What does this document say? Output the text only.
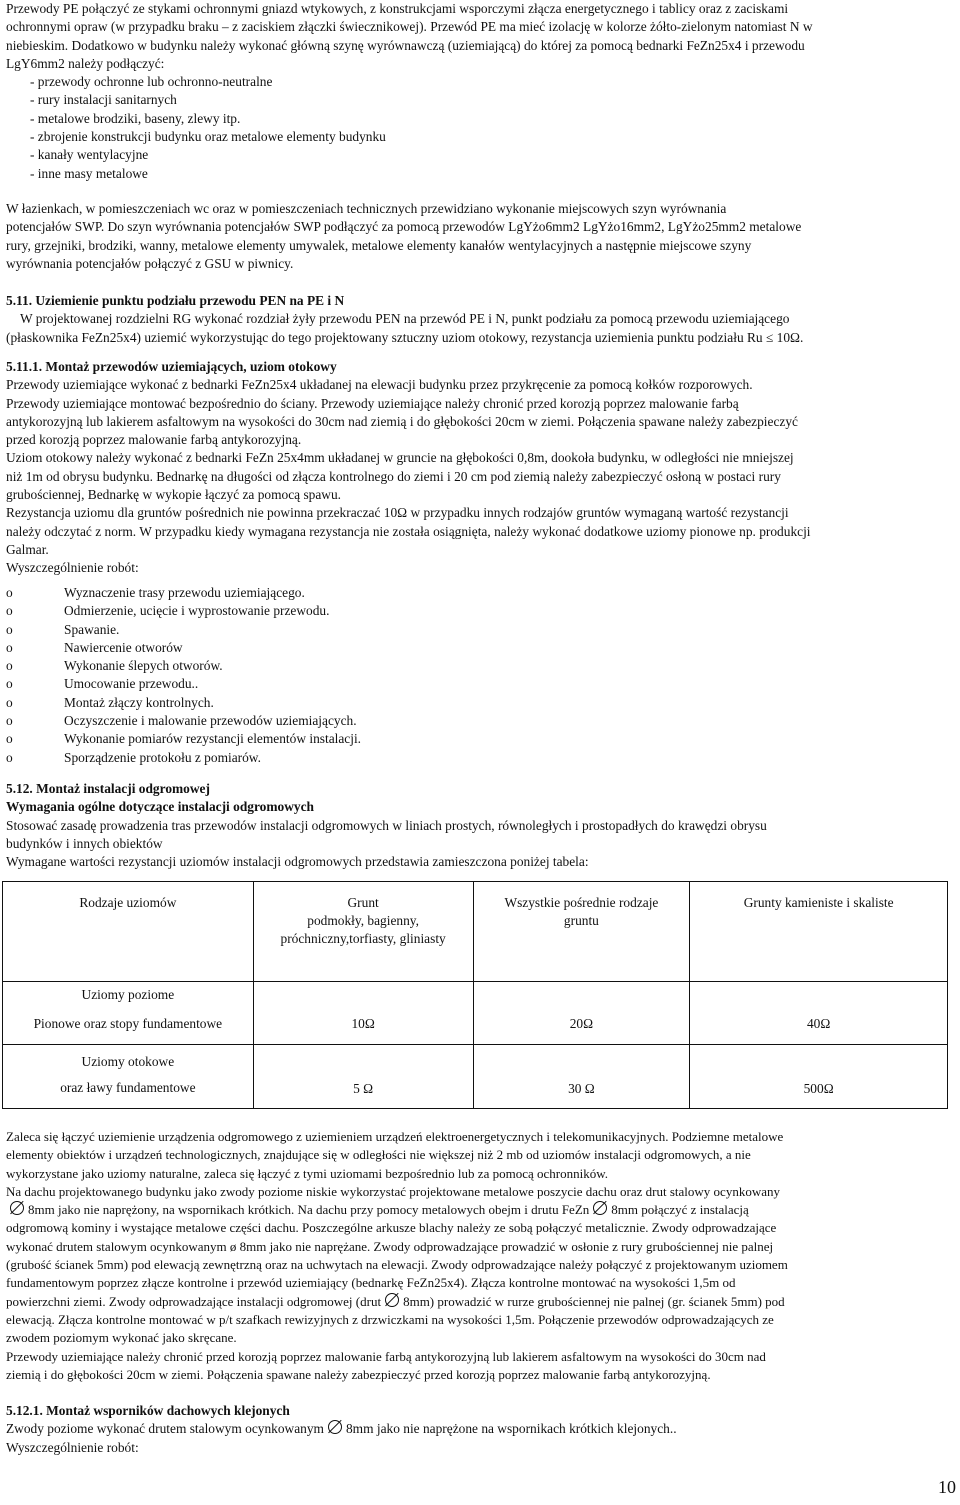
Przewody PE połączyć ze stykami ochronnymi gniazd wtykowych, z konstrukcjami wsporczymi złącza energetycznego i tablicy oraz z zaciskami
ochronnymi opraw (w przypadku braku – z zaciskiem złączki świecznikowej). Przewód PE ma mieć izolację w kolorze żółto-zielonym natomiast N w
niebieskim. Dodatkowo w budynku należy wykonać główną szynę wyrównawczą (uziemiającą) do której za pomocą bednarki FeZn25x4 i przewodu
LgY6mm2 należy podłączyć:
- przewody ochronne lub ochronno-neutralne
- rury instalacji sanitarnych
- metalowe brodziki, baseny, zlewy itp.
- zbrojenie konstrukcji budynku oraz metalowe elementy budynku
- kanały wentylacyjne
- inne masy metalowe
W łazienkach, w pomieszczeniach wc oraz w pomieszczeniach technicznych przewidziano wykonanie miejscowych szyn wyrównania
potencjałów SWP. Do szyn wyrównania potencjałów SWP podłączyć za pomocą przewodów LgYżo6mm2 LgYżo16mm2, LgYżo25mm2 metalowe
rury, grzejniki, brodziki, wanny, metalowe elementy umywalek, metalowe elementy kanałów wentylacyjnych a następnie miejscowe szyny
wyrównania potencjałów połączyć z GSU w piwnicy.
5.11. Uziemienie punktu podziału przewodu PEN na PE i N
W projektowanej rozdzielni RG wykonać rozdział żyły przewodu PEN na przewód PE i N, punkt podziału za pomocą przewodu uziemiającego
(płaskownika FeZn25x4) uziemić wykorzystując do tego projektowany sztuczny uziom otokowy, rezystancja uziemienia punktu podziału Ru ≤ 10Ω.
5.11.1. Montaż przewodów uziemiających, uziom otokowy
Przewody uziemiające wykonać z bednarki FeZn25x4 układanej na elewacji budynku przez przykręcenie za pomocą kołków rozporowych.
Przewody uziemiające montować bezpośrednio do ściany. Przewody uziemiające należy chronić przed korozją poprzez malowanie farbą
antykorozyjną lub lakierem asfaltowym na wysokości do 30cm nad ziemią i do głębokości 20cm w ziemi. Połączenia spawane należy zabezpieczyć
przed korozją poprzez malowanie farbą antykorozyjną.
Uziom otokowy należy wykonać z bednarki FeZn 25x4mm układanej w gruncie na głębokości 0,8m, dookoła budynku, w odległości nie mniejszej
niż 1m od obrysu budynku. Bednarkę na długości od złącza kontrolnego do ziemi i 20 cm pod ziemią należy zabezpieczyć osłoną w postaci rury
grubościennej, Bednarkę w wykopie łączyć za pomocą spawu.
Rezystancja uziomu dla gruntów pośrednich nie powinna przekraczać 10Ω w przypadku innych rodzajów gruntów wymaganą wartość rezystancji
należy odczytać z norm. W przypadku kiedy wymagana rezystancja nie została osiągnięta, należy wykonać dodatkowe uziomy pionowe np. produkcji
Galmar.
Wyszczególnienie robót:
o	Wyznaczenie trasy przewodu uziemiającego.
o	Odmierzenie, ucięcie i wyprostowanie przewodu.
o	Spawanie.
o	Nawiercenie otworów
o	Wykonanie ślepych otworów.
o	Umocowanie przewodu..
o	Montaż złączy kontrolnych.
o	Oczyszczenie i malowanie przewodów uziemiających.
o	Wykonanie pomiarów rezystancji elementów instalacji.
o	Sporządzenie protokołu z pomiarów.
5.12. Montaż instalacji odgromowej
Wymagania ogólne dotyczące instalacji odgromowych
Stosować zasadę prowadzenia tras przewodów instalacji odgromowych w liniach prostych, równoległych i prostopadłych do krawędzi obrysu
budynków i innych obiektów
Wymagane wartości rezystancji uziomów instalacji odgromowych przedstawia zamieszczona poniżej tabela:
Rodzaje uziomów	Grunt
podmokły, bagienny,
próchniczny,torfiasty, gliniasty	Wszystkie pośrednie rodzaje
gruntu	Grunty kamieniste i skaliste
Uziomy poziome			
Pionowe oraz stopy fundamentowe	10Ω	20Ω	40Ω

Uziomy otokowe
oraz ławy fundamentowe	5 Ω	30 Ω	500Ω
Zaleca się łączyć uziemienie urządzenia odgromowego z uziemieniem urządzeń elektroenergetycznych i telekomunikacyjnych. Podziemne metalowe
elementy obiektów i urządzeń technologicznych, znajdujące się w odległości nie większej niż 2 mb od uziomów instalacji odgromowych, a nie
wykorzystane jako uziomy naturalne, zaleca się łączyć z tymi uziomami bezpośrednio lub za pomocą ochronników.
Na dachu projektowanego budynku jako zwody poziome niskie wykorzystać projektowane metalowe poszycie dachu oraz drut stalowy ocynkowany
8mm jako nie naprężony, na wspornikach krótkich. Na dachu przy pomocy metalowych obejm i drutu FeZn 8mm połączyć z instalacją
odgromową kominy i wystające metalowe części dachu. Poszczególne arkusze blachy należy ze sobą połączyć metalicznie. Zwody odprowadzające
wykonać drutem stalowym ocynkowanym ø 8mm jako nie naprężane. Zwody odprowadzające prowadzić w osłonie z rury grubościennej nie palnej
(grubość ścianek 5mm) pod elewacją zewnętrzną oraz na uchwytach na elewacji. Zwody odprowadzające należy połączyć z projektowanym uziomem
fundamentowym poprzez złącze kontrolne i przewód uziemiający (bednarkę FeZn25x4). Złącza kontrolne montować na wysokości 1,5m od
powierzchni ziemi. Zwody odprowadzające instalacji odgromowej (drut 8mm) prowadzić w rurze grubościennej nie palnej (gr. ścianek 5mm) pod
elewacją. Złącza kontrolne montować w p/t szafkach rewizyjnych z drzwiczkami na wysokości 1,5m. Połączenie przewodów odprowadzających ze
zwodem poziomym wykonać jako skręcane.
Przewody uziemiające należy chronić przed korozją poprzez malowanie farbą antykorozyjną lub lakierem asfaltowym na wysokości do 30cm nad
ziemią i do głębokości 20cm w ziemi. Połączenia spawane należy zabezpieczyć przed korozją poprzez malowanie farbą antykorozyjną.
5.12.1. Montaż wsporników dachowych klejonych
Zwody poziome wykonać drutem stalowym ocynkowanym 8mm jako nie naprężone na wspornikach krótkich klejonych..
Wyszczególnienie robót:
10
